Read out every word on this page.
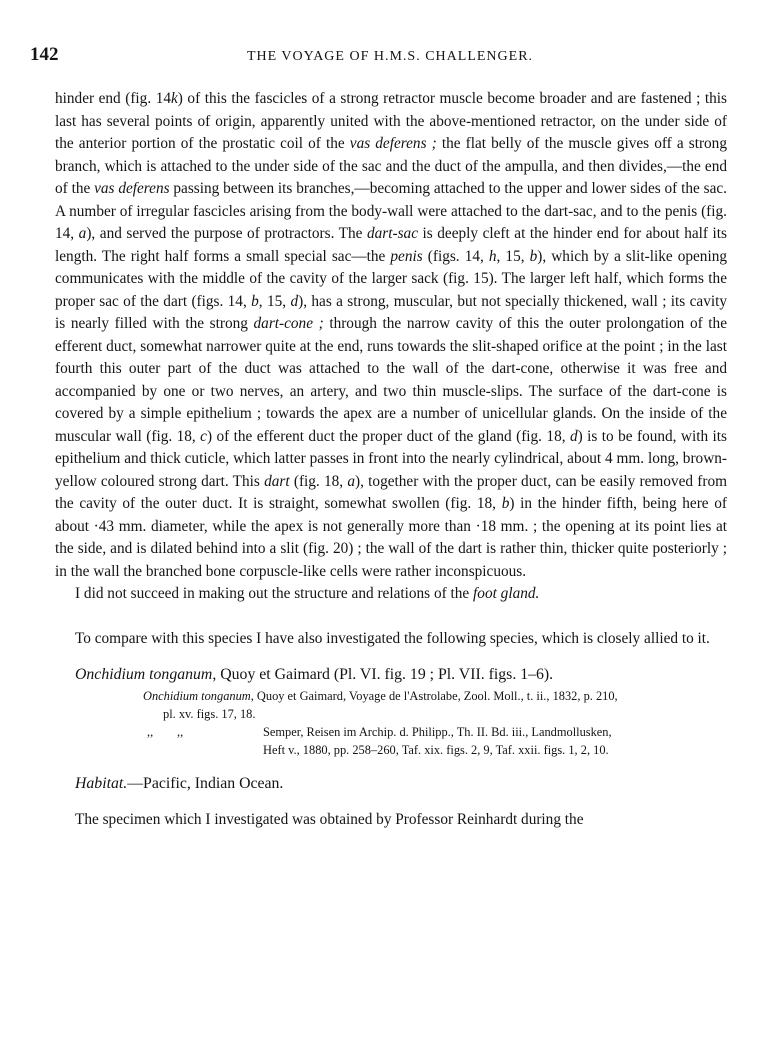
142	THE VOYAGE OF H.M.S. CHALLENGER.

hinder end (fig. 14k) of this the fascicles of a strong retractor muscle become broader and are fastened ; this last has several points of origin, apparently united with the above-mentioned retractor, on the under side of the anterior portion of the prostatic coil of the vas deferens ; the flat belly of the muscle gives off a strong branch, which is attached to the under side of the sac and the duct of the ampulla, and then divides,—the end of the vas deferens passing between its branches,—becoming attached to the upper and lower sides of the sac. A number of irregular fascicles arising from the body-wall were attached to the dart-sac, and to the penis (fig. 14, a), and served the purpose of protractors. The dart-sac is deeply cleft at the hinder end for about half its length. The right half forms a small special sac—the penis (figs. 14, h, 15, b), which by a slit-like opening communicates with the middle of the cavity of the larger sack (fig. 15). The larger left half, which forms the proper sac of the dart (figs. 14, b, 15, d), has a strong, muscular, but not specially thickened, wall ; its cavity is nearly filled with the strong dart-cone ; through the narrow cavity of this the outer prolongation of the efferent duct, somewhat narrower quite at the end, runs towards the slit-shaped orifice at the point ; in the last fourth this outer part of the duct was attached to the wall of the dart-cone, otherwise it was free and accompanied by one or two nerves, an artery, and two thin muscle-slips. The surface of the dart-cone is covered by a simple epithelium ; towards the apex are a number of unicellular glands. On the inside of the muscular wall (fig. 18, c) of the efferent duct the proper duct of the gland (fig. 18, d) is to be found, with its epithelium and thick cuticle, which latter passes in front into the nearly cylindrical, about 4 mm. long, brown-yellow coloured strong dart. This dart (fig. 18, a), together with the proper duct, can be easily removed from the cavity of the outer duct. It is straight, somewhat swollen (fig. 18, b) in the hinder fifth, being here of about ·43 mm. diameter, while the apex is not generally more than ·18 mm. ; the opening at its point lies at the side, and is dilated behind into a slit (fig. 20) ; the wall of the dart is rather thin, thicker quite posteriorly ; in the wall the branched bone corpuscle-like cells were rather inconspicuous.

I did not succeed in making out the structure and relations of the foot gland.

To compare with this species I have also investigated the following species, which is closely allied to it.

Onchidium tonganum, Quoy et Gaimard (Pl. VI. fig. 19 ; Pl. VII. figs. 1–6).

Onchidium tonganum, Quoy et Gaimard, Voyage de l'Astrolabe, Zool. Moll., t. ii., 1832, p. 210,
pl. xv. figs. 17, 18.
,, ,,	Semper, Reisen im Archip. d. Philipp., Th. II. Bd. iii., Landmollusken,
Heft v., 1880, pp. 258–260, Taf. xix. figs. 2, 9, Taf. xxii. figs. 1, 2, 10.

Habitat.—Pacific, Indian Ocean.

The specimen which I investigated was obtained by Professor Reinhardt during the
